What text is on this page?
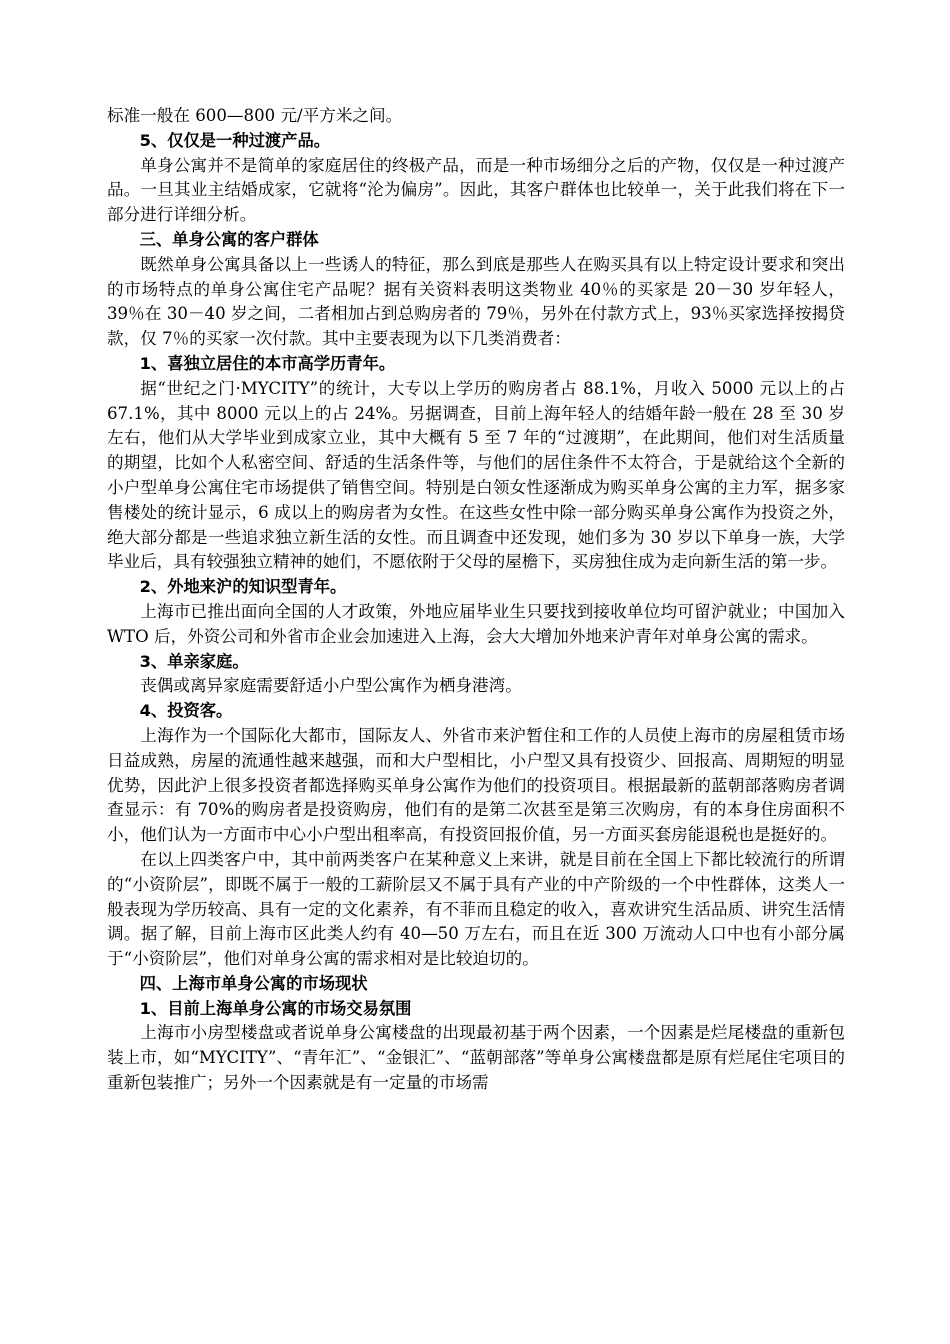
标准一般在 600—800 元/平方米之间。

5、仅仅是一种过渡产品。

单身公寓并不是简单的家庭居住的终极产品，而是一种市场细分之后的产物，仅仅是一种过渡产品。一旦其业主结婚成家，它就将“沦为偏房”。因此，其客户群体也比较单一，关于此我们将在下一部分进行详细分析。

三、单身公寓的客户群体

既然单身公寓具备以上一些诱人的特征，那么到底是那些人在购买具有以上特定设计要求和突出的市场特点的单身公寓住宅产品呢？据有关资料表明这类物业 40％的买家是 20－30 岁年轻人，39％在 30－40 岁之间，二者相加占到总购房者的 79％，另外在付款方式上，93％买家选择按揭贷款，仅 7％的买家一次付款。其中主要表现为以下几类消费者：

1、喜独立居住的本市高学历青年。

据“世纪之门·MYCITY”的统计，大专以上学历的购房者占 88.1%，月收入 5000 元以上的占 67.1%，其中 8000 元以上的占 24%。另据调查，目前上海年轻人的结婚年龄一般在 28 至 30 岁左右，他们从大学毕业到成家立业，其中大概有 5 至 7 年的“过渡期”，在此期间，他们对生活质量的期望，比如个人私密空间、舒适的生活条件等，与他们的居住条件不太符合，于是就给这个全新的小户型单身公寓住宅市场提供了销售空间。特别是白领女性逐渐成为购买单身公寓的主力军，据多家售楼处的统计显示，6 成以上的购房者为女性。在这些女性中除一部分购买单身公寓作为投资之外，绝大部分都是一些追求独立新生活的女性。而且调查中还发现，她们多为 30 岁以下单身一族，大学毕业后，具有较强独立精神的她们，不愿依附于父母的屋檐下，买房独住成为走向新生活的第一步。

2、外地来沪的知识型青年。

上海市已推出面向全国的人才政策，外地应届毕业生只要找到接收单位均可留沪就业；中国加入 WTO 后，外资公司和外省市企业会加速进入上海，会大大增加外地来沪青年对单身公寓的需求。

3、单亲家庭。

丧偶或离异家庭需要舒适小户型公寓作为栖身港湾。

4、投资客。

上海作为一个国际化大都市，国际友人、外省市来沪暂住和工作的人员使上海市的房屋租赁市场日益成熟，房屋的流通性越来越强，而和大户型相比，小户型又具有投资少、回报高、周期短的明显优势，因此沪上很多投资者都选择购买单身公寓作为他们的投资项目。根据最新的蓝朝部落购房者调查显示：有 70%的购房者是投资购房，他们有的是第二次甚至是第三次购房，有的本身住房面积不小，他们认为一方面市中心小户型出租率高，有投资回报价值，另一方面买套房能退税也是挺好的。

在以上四类客户中，其中前两类客户在某种意义上来讲，就是目前在全国上下都比较流行的所谓的“小资阶层”，即既不属于一般的工薪阶层又不属于具有产业的中产阶级的一个中性群体，这类人一般表现为学历较高、具有一定的文化素养，有不菲而且稳定的收入，喜欢讲究生活品质、讲究生活情调。据了解，目前上海市区此类人约有 40—50 万左右，而且在近 300 万流动人口中也有小部分属于“小资阶层”，他们对单身公寓的需求相对是比较迫切的。

四、上海市单身公寓的市场现状

1、目前上海单身公寓的市场交易氛围

上海市小房型楼盘或者说单身公寓楼盘的出现最初基于两个因素，一个因素是烂尾楼盘的重新包装上市，如“MYCITY”、“青年汇”、“金银汇”、“蓝朝部落”等单身公寓楼盘都是原有烂尾住宅项目的重新包装推广；另外一个因素就是有一定量的市场需
